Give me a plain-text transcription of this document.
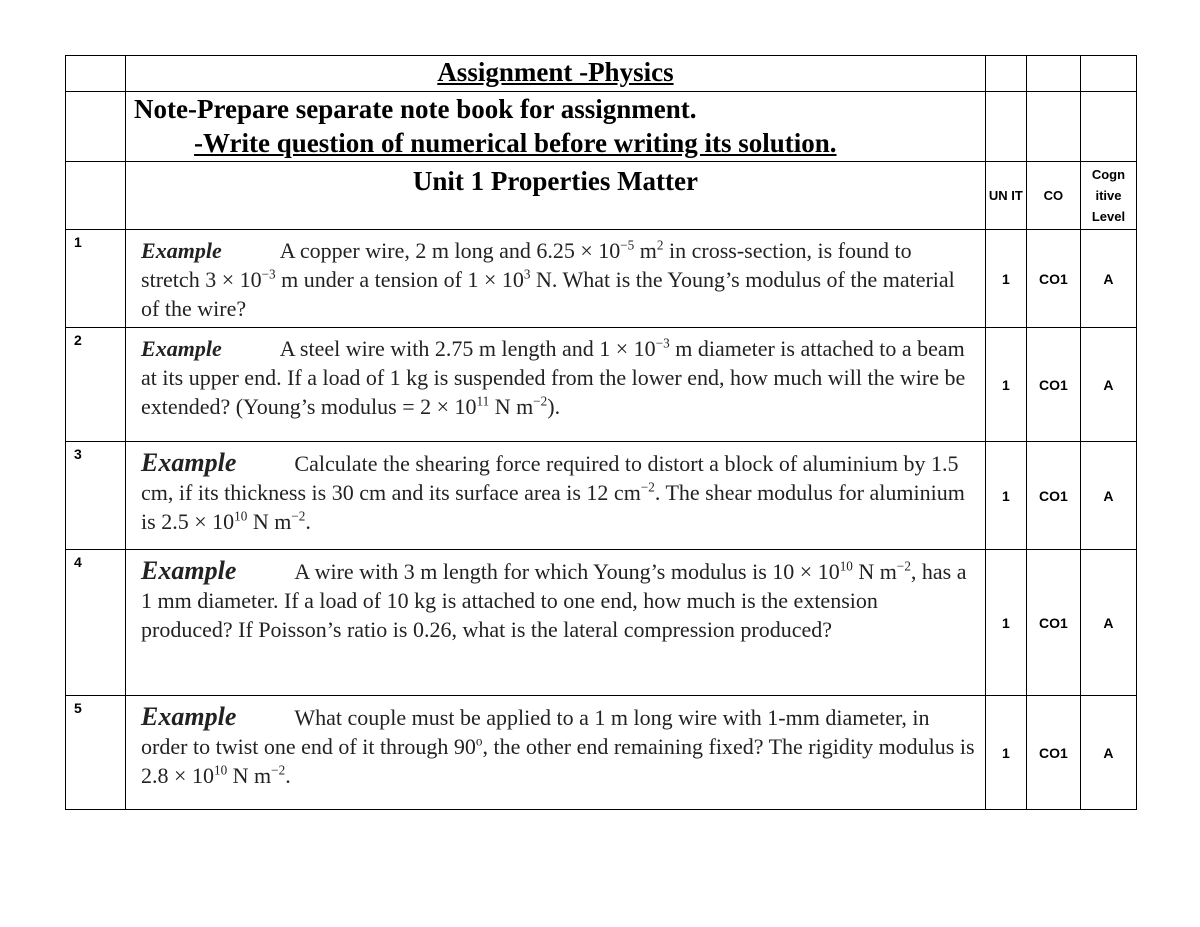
	Assignment -Physics			

	Note-Prepare separate note book for assignment.
-Write question of numerical before writing its solution.			

	Unit 1 Properties Matter	UN IT	CO	Cogn itive Level
1	Example A copper wire, 2 m long and $6.25 \times 10^{-5}$ $m^2$ in cross-section, is found to stretch $3 \times 10^{-3}$ m under a tension of $1 \times 10^3$ N. What is the Young’s modulus of the material of the wire?	1	CO1	A
2	Example A steel wire with 2.75 m length and $1 \times 10^{-3}$ m diameter is attached to a beam at its upper end. If a load of 1 kg is suspended from the lower end, how much will the wire be extended? (Young’s modulus = $2 \times 10^{11}$ N $m^{-2}$).	1	CO1	A
3	Example Calculate the shearing force required to distort a block of aluminium by 1.5 cm, if its thickness is 30 cm and its surface area is 12 $cm^{-2}$. The shear modulus for aluminium is $2.5 \times 10^{10}$ N $m^{-2}$.	1	CO1	A
4	Example A wire with 3 m length for which Young’s modulus is $10 \times 10^{10}$ N $m^{-2}$, has a 1 mm diameter. If a load of 10 kg is attached to one end, how much is the extension produced? If Poisson’s ratio is 0.26, what is the lateral compression produced?	1	CO1	A
5	Example What couple must be applied to a 1 m long wire with 1-mm diameter, in order to twist one end of it through 90$^o$, the other end remaining fixed? The rigidity modulus is $2.8 \times 10^{10}$ N $m^{-2}$.	1	CO1	A
